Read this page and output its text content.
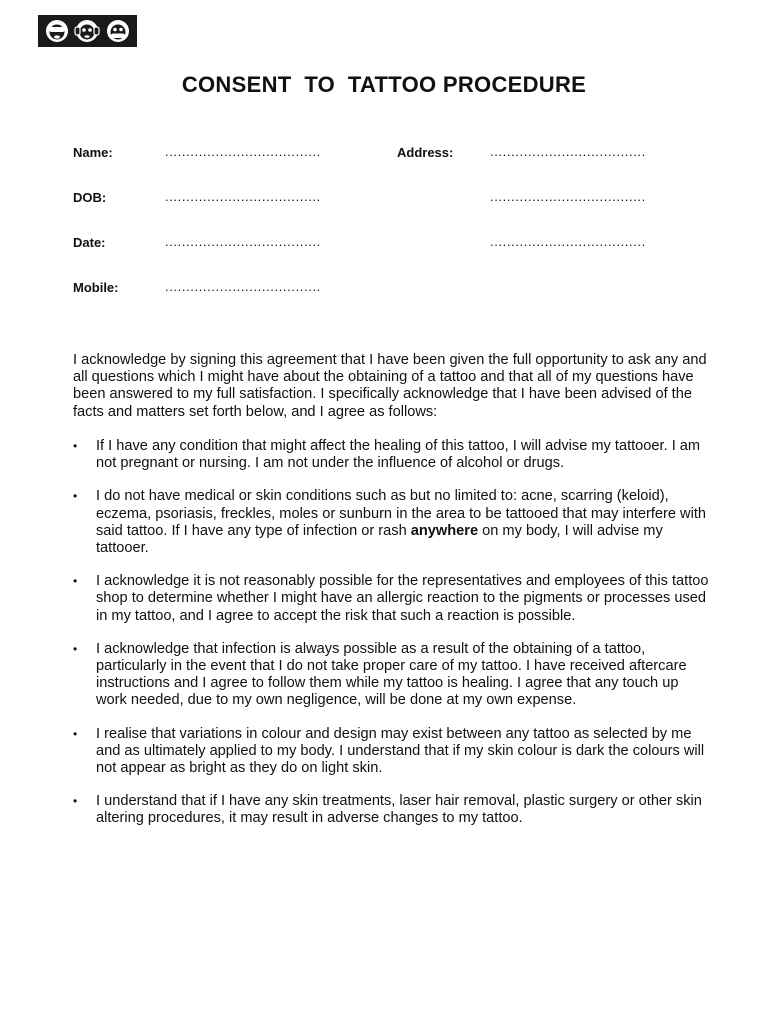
CONSENT  TO  TATTOO PROCEDURE
Name:	.....................................	Address:	.....................................
DOB:	.....................................	.....................................
Date:	.....................................	.....................................
Mobile:	.....................................

I acknowledge by signing this agreement that I have been given the full opportunity to ask any and all questions which I might have about the obtaining of a tattoo and that all of my questions have been answered to my full satisfaction. I specifically acknowledge that I have been advised of the facts and matters set forth below, and I agree as follows:

• If I have any condition that might affect the healing of this tattoo, I will advise my tattooer. I am not pregnant or nursing. I am not under the influence of alcohol or drugs.
• I do not have medical or skin conditions such as but no limited to: acne, scarring (keloid), eczema, psoriasis, freckles, moles or sunburn in the area to be tattooed that may interfere with said tattoo. If I have any type of infection or rash anywhere on my body, I will advise my tattooer.
• I acknowledge it is not reasonably possible for the representatives and employees of this tattoo shop to determine whether I might have an allergic reaction to the pigments or processes used in my tattoo, and I agree to accept the risk that such a reaction is possible.
• I acknowledge that infection is always possible as a result of the obtaining of a tattoo, particularly in the event that I do not take proper care of my tattoo. I have received aftercare instructions and I agree to follow them while my tattoo is healing. I agree that any touch up work needed, due to my own negligence, will be done at my own expense.
• I realise that variations in colour and design may exist between any tattoo as selected by me and as ultimately applied to my body. I understand that if my skin colour is dark the colours will not appear as bright as they do on light skin.
• I understand that if I have any skin treatments, laser hair removal, plastic surgery or other skin altering procedures, it may result in adverse changes to my tattoo.
